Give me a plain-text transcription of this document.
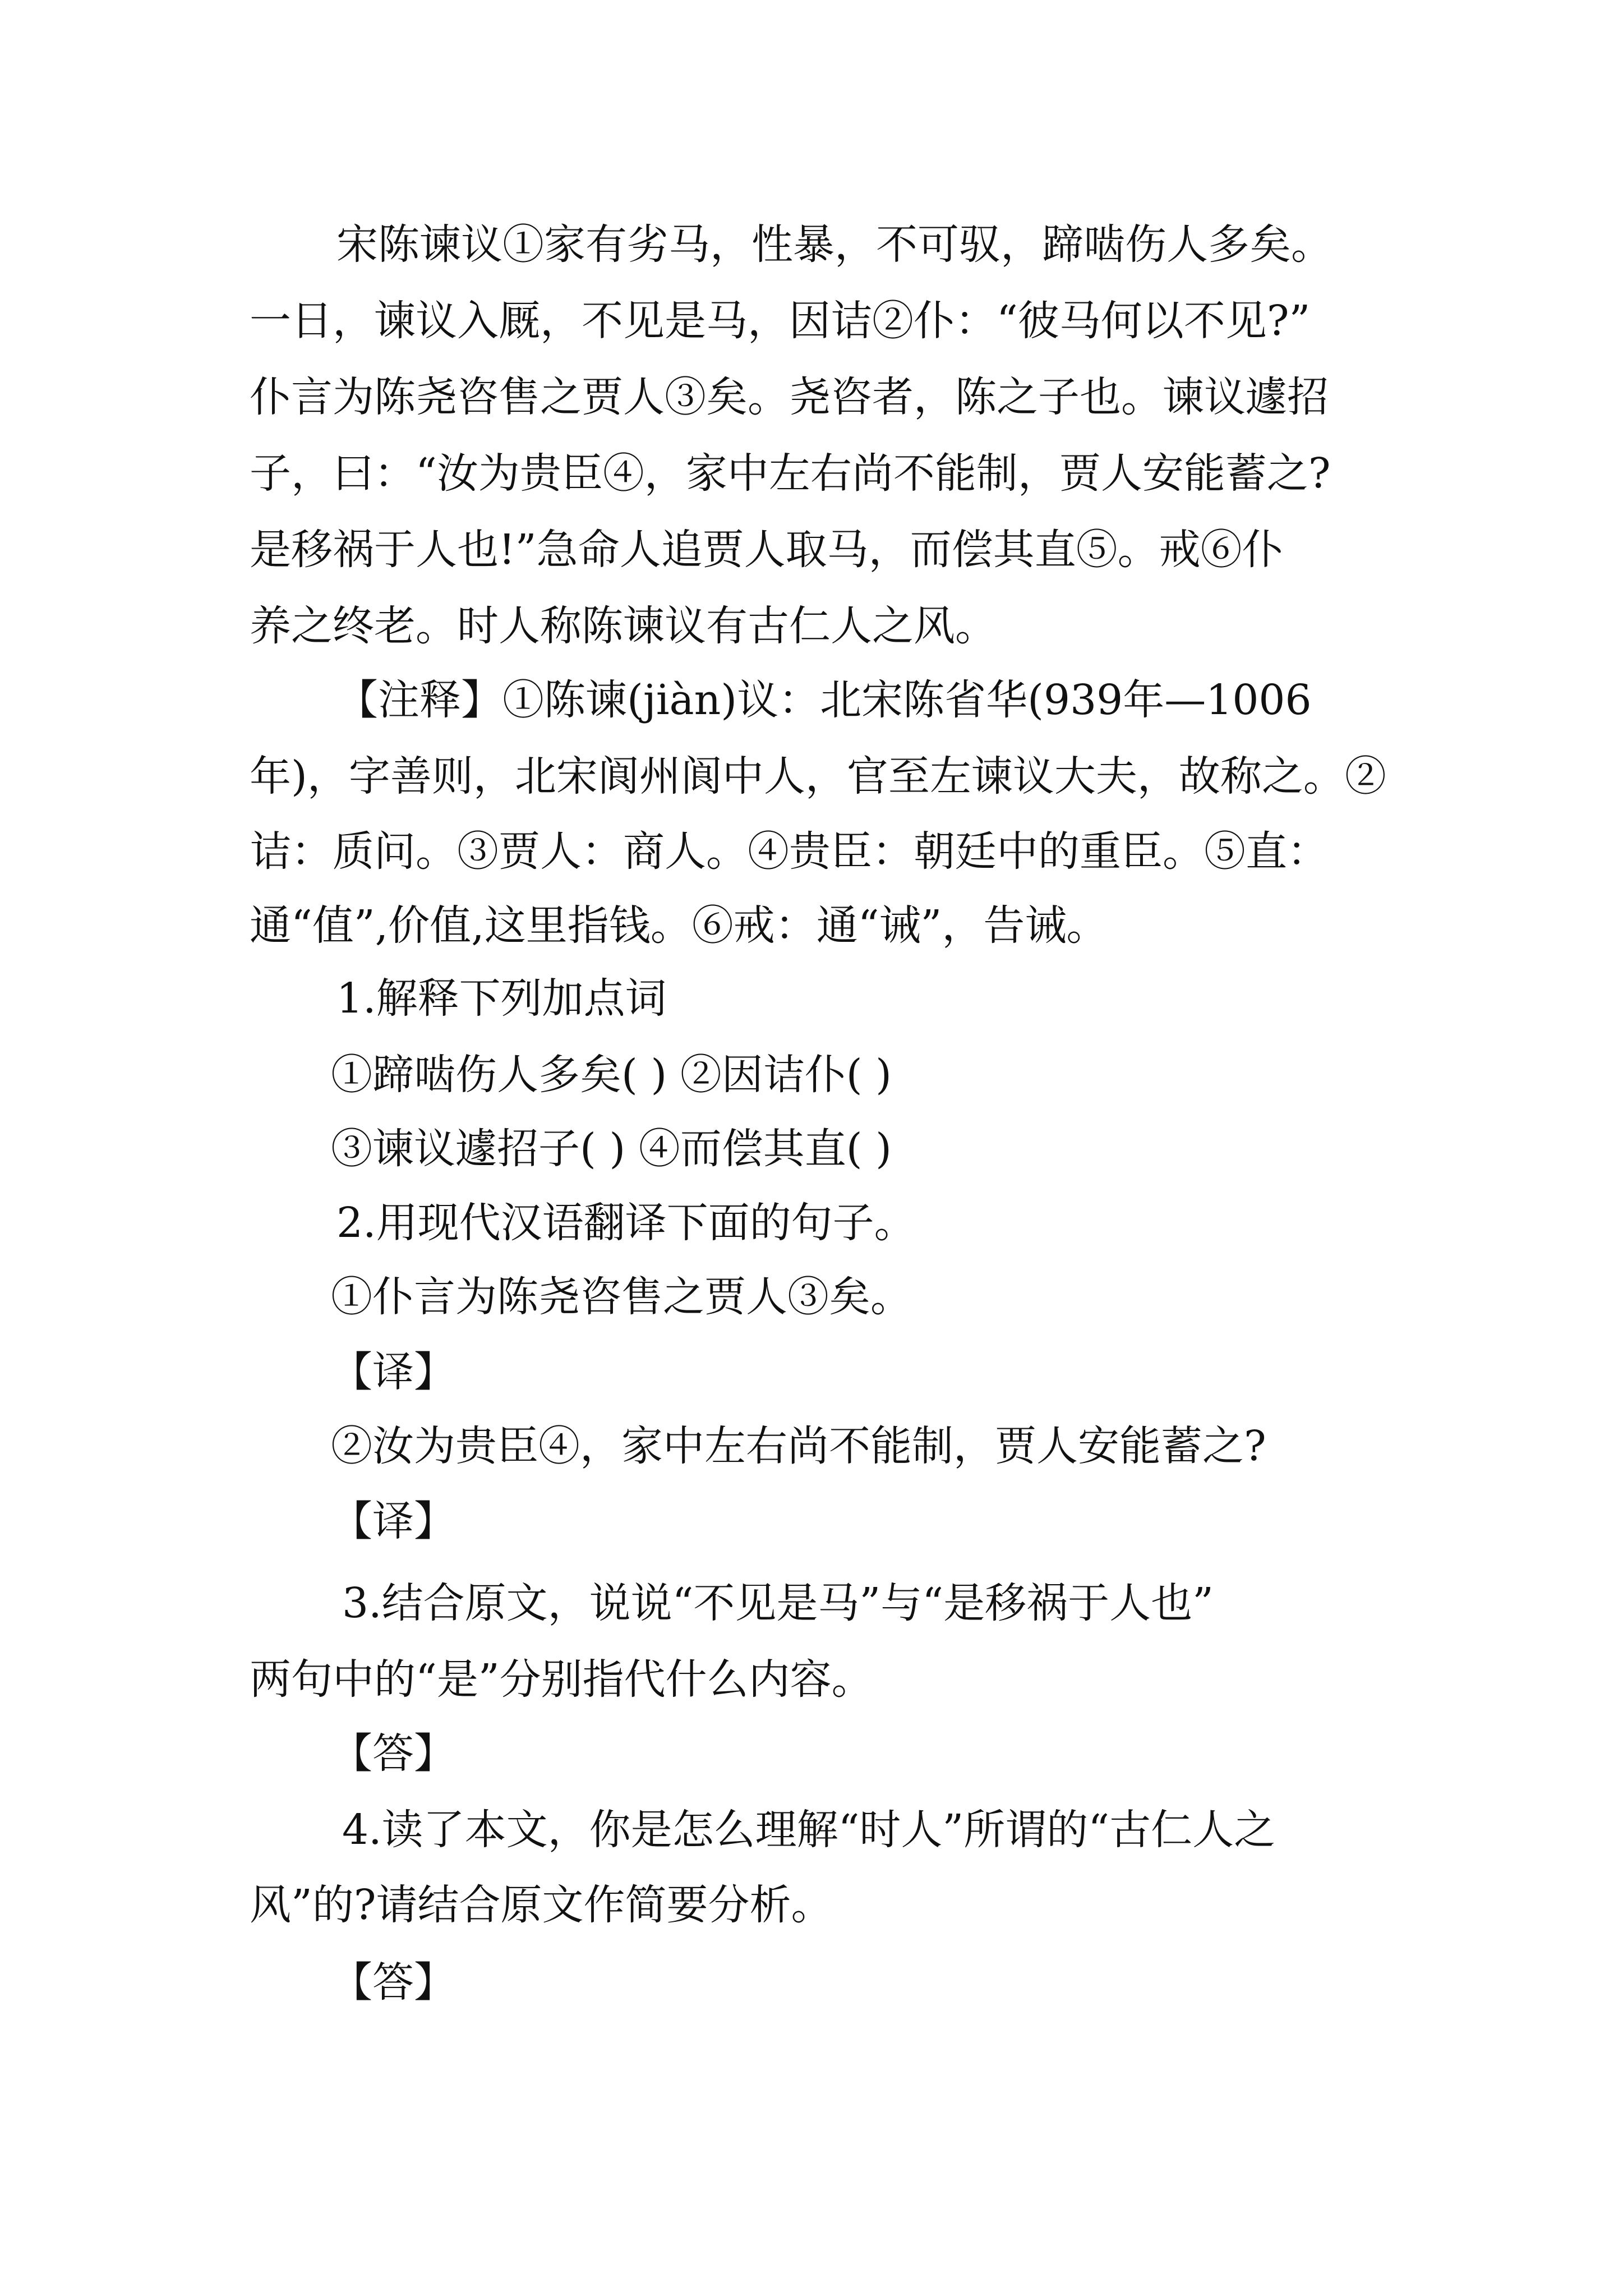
宋陈谏议①家有劣马，性暴，不可驭，蹄啮伤人多矣。
一日，谏议入厩，不见是马，因诘②仆：“彼马何以不见?”
仆言为陈尧咨售之贾人③矣。尧咨者，陈之子也。谏议遽招
子，曰：“汝为贵臣④，家中左右尚不能制，贾人安能蓄之?
是移祸于人也!”急命人追贾人取马，而偿其直⑤。戒⑥仆
养之终老。时人称陈谏议有古仁人之风。
【注释】①陈谏(jiàn)议：北宋陈省华(939年—1006
年)，字善则，北宋阆州阆中人，官至左谏议大夫，故称之。②
诘：质问。③贾人：商人。④贵臣：朝廷中的重臣。⑤直：
通“值”,价值,这里指钱。⑥戒：通“诫”，告诫。
1.解释下列加点词
①蹄啮伤人多矣( ) ②因诘仆( )
③谏议遽招子( ) ④而偿其直( )
2.用现代汉语翻译下面的句子。
①仆言为陈尧咨售之贾人③矣。
【译】
②汝为贵臣④，家中左右尚不能制，贾人安能蓄之?
【译】
3.结合原文，说说“不见是马”与“是移祸于人也”
两句中的“是”分别指代什么内容。
【答】
4.读了本文，你是怎么理解“时人”所谓的“古仁人之
风”的?请结合原文作简要分析。
【答】
